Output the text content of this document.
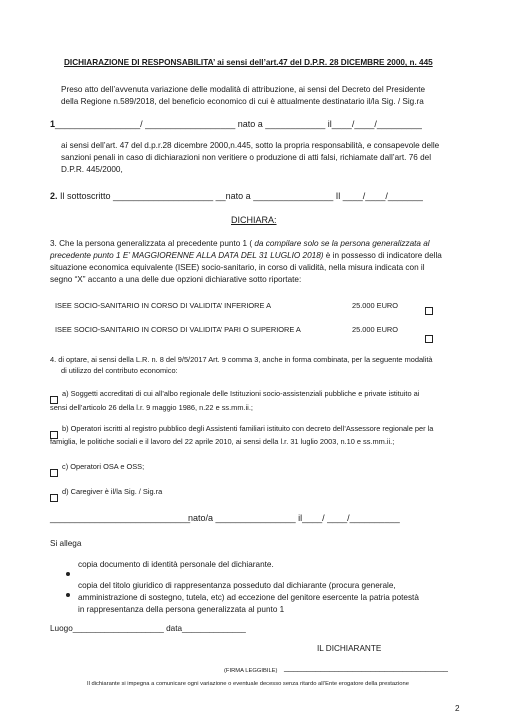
DICHIARAZIONE DI RESPONSABILITA’ ai sensi dell’art.47 del D.P.R. 28 DICEMBRE 2000, n. 445
Preso atto dell’avvenuta variazione delle modalità di attribuzione, ai sensi del Decreto del Presidente
della Regione n.589/2018, del beneficio economico di cui è attualmente destinatario il/la Sig. / Sig.ra
1_________________/ __________________ nato a ____________ il____/____/_________
ai sensi dell’art. 47 del d.p.r.28 dicembre 2000,n.445, sotto la propria responsabilità, e consapevole delle
sanzioni penali in caso di dichiarazioni non veritiere o produzione di atti falsi, richiamate dall’art. 76 del
D.P.R. 445/2000,
2. Il sottoscritto ____________________ __nato a ________________ Il ____/____/_______
DICHIARA:
3. Che la persona generalizzata al precedente punto 1 ( da compilare solo se la persona generalizzata al
precedente punto 1 E’ MAGGIORENNE ALLA DATA DEL 31 LUGLIO 2018) è in possesso di indicatore della
situazione economica equivalente (ISEE) socio-sanitario, in corso di validità, nella misura indicata con il
segno “X” accanto a una delle due opzioni dichiarative sotto riportate:
ISEE SOCIO-SANITARIO IN CORSO DI VALIDITA’ INFERIORE A	25.000 EURO
ISEE SOCIO-SANITARIO IN CORSO DI VALIDITA’ PARI O SUPERIORE A	25.000 EURO
4. di optare, ai sensi della L.R. n. 8 del 9/5/2017 Art. 9 comma 3, anche in forma combinata, per la seguente modalità
di utilizzo del contributo economico:
a) Soggetti accreditati di cui all’albo regionale delle Istituzioni socio-assistenziali pubbliche e private istituito ai
sensi dell’articolo 26 della l.r. 9 maggio 1986, n.22 e ss.mm.ii.;
b) Operatori iscritti al registro pubblico degli Assistenti familiari istituito con decreto dell’Assessore regionale per la
famiglia, le politiche sociali e il lavoro del 22 aprile 2010, ai sensi della l.r. 31 luglio 2003, n.10 e ss.mm.ii.;
c) Operatori OSA e OSS;
d) Caregiver è il/la Sig. / Sig.ra
____________________________
nato/a ________________ il____/ ____/__________
Si allega
copia documento di identità personale del dichiarante.
copia del titolo giuridico di rappresentanza posseduto dal dichiarante (procura generale,
amministrazione di sostegno, tutela, etc) ad eccezione del genitore esercente la patria potestà
in rappresentanza della persona generalizzata al punto 1
Luogo____________________ data______________
IL DICHIARANTE
(FIRMA LEGGIBILE) ____________________________________
Il dichiarante si impegna a comunicare ogni variazione o eventuale decesso senza ritardo all’Ente erogatore della prestazione
2
